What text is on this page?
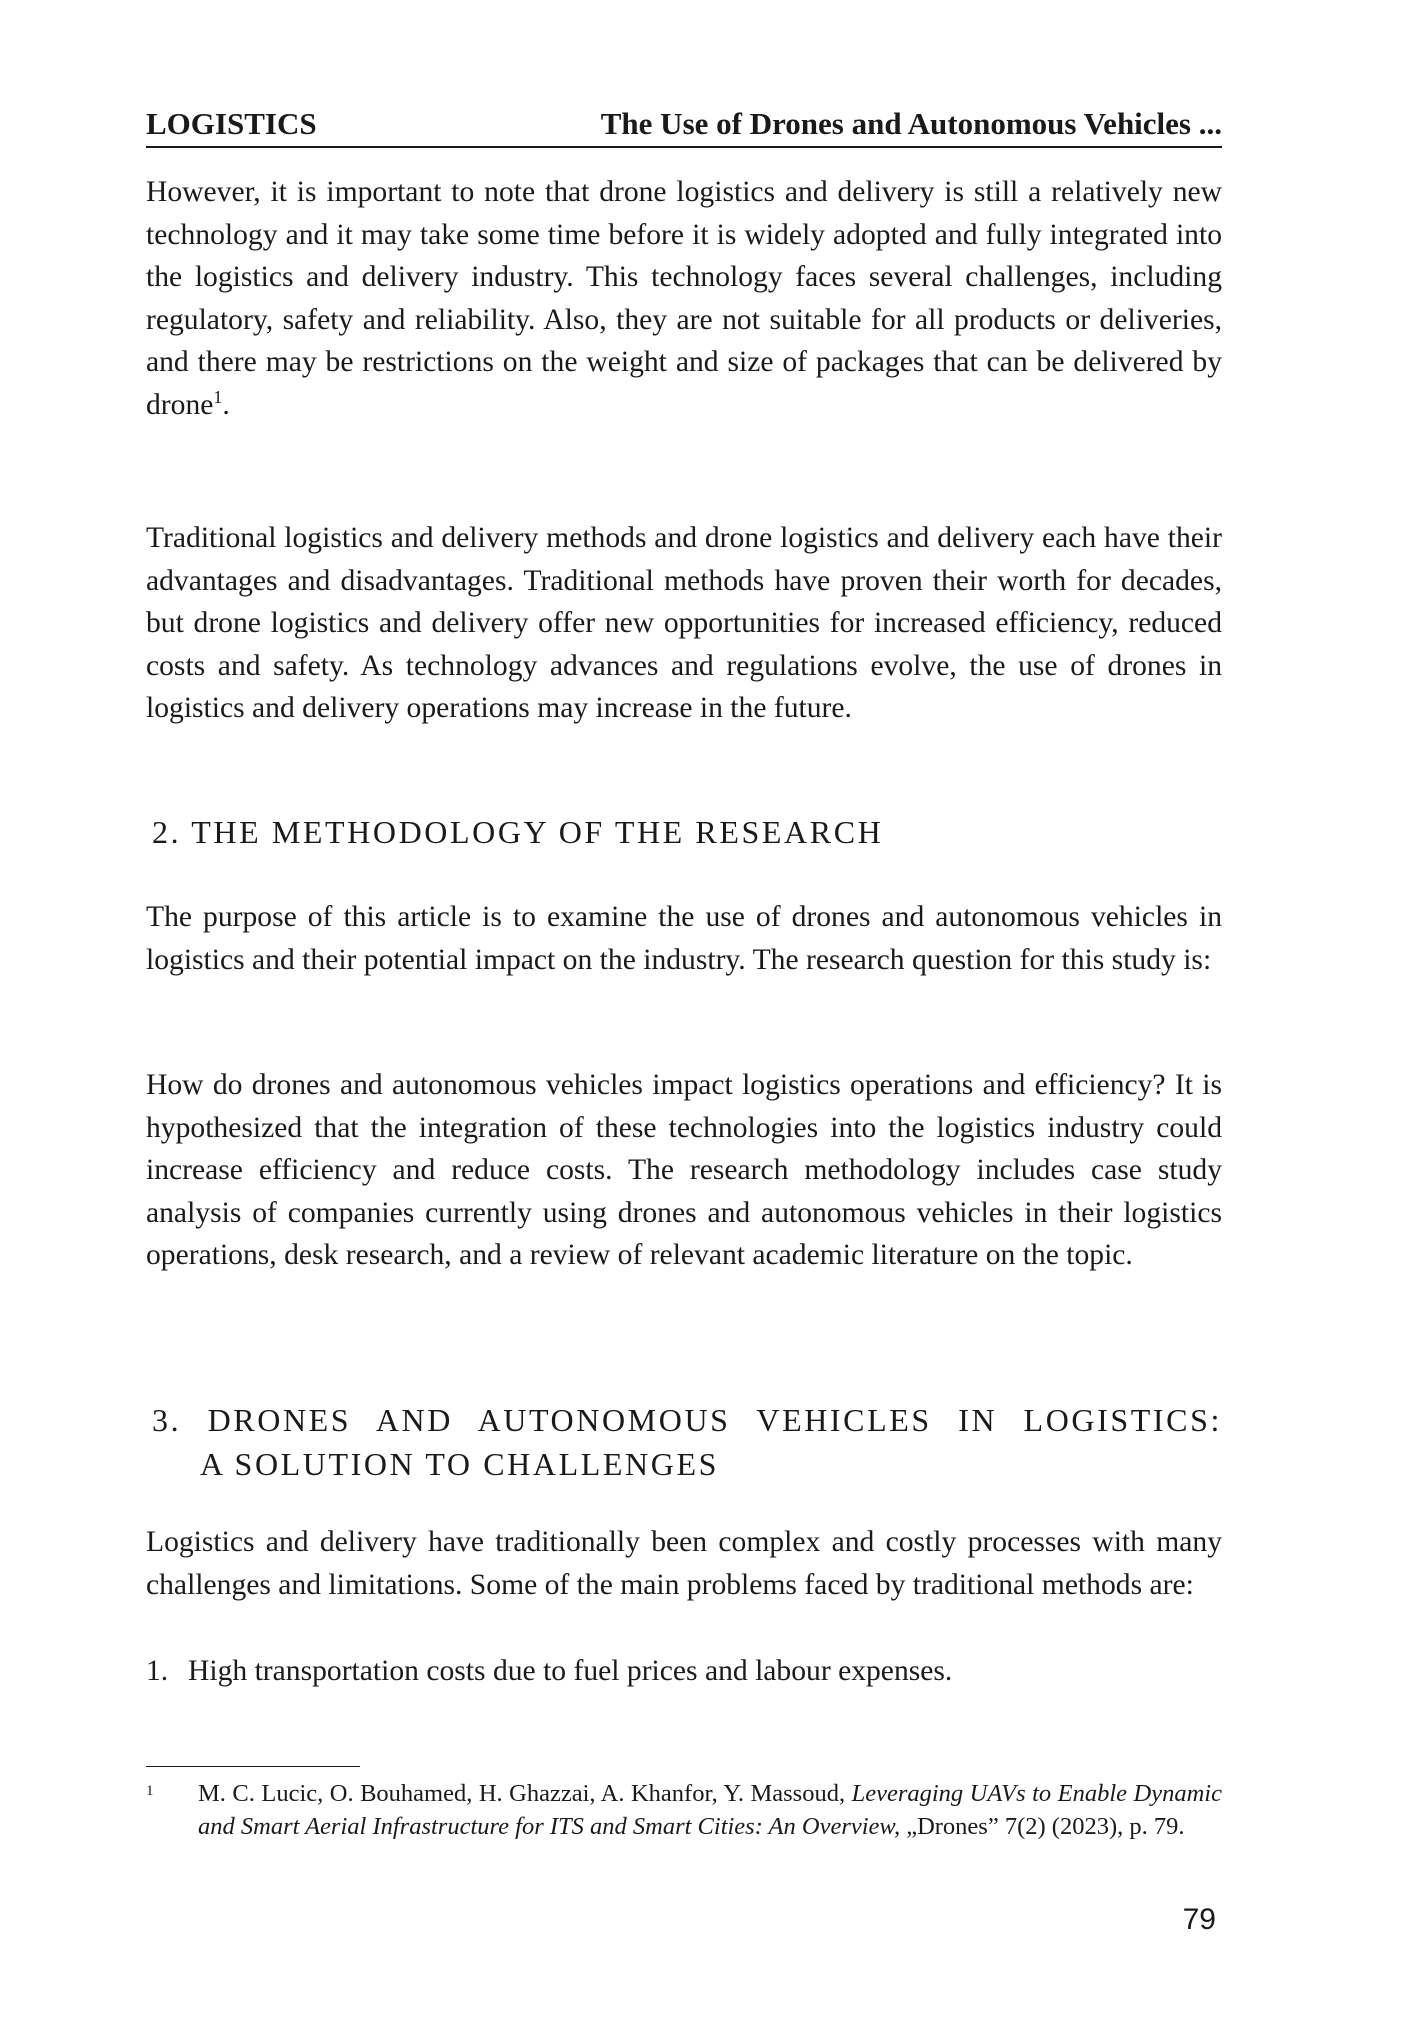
LOGISTICS	The Use of Drones and Autonomous Vehicles ...

However, it is important to note that drone logistics and delivery is still a relatively new technology and it may take some time before it is widely adopted and fully integrated into the logistics and delivery industry. This technology faces several challenges, including regulatory, safety and reliability. Also, they are not suitable for all products or deliveries, and there may be restrictions on the weight and size of packages that can be delivered by drone$^1$.

Traditional logistics and delivery methods and drone logistics and delivery each have their advantages and disadvantages. Traditional methods have proven their worth for decades, but drone logistics and delivery offer new opportunities for increased efficiency, reduced costs and safety. As technology advances and regulations evolve, the use of drones in logistics and delivery operations may increase in the future.

2. THE METHODOLOGY OF THE RESEARCH

The purpose of this article is to examine the use of drones and autonomous vehicles in logistics and their potential impact on the industry. The research question for this study is:

How do drones and autonomous vehicles impact logistics operations and efficiency? It is hypothesized that the integration of these technologies into the logistics industry could increase efficiency and reduce costs. The research methodology includes case study analysis of companies currently using drones and autonomous vehicles in their logistics operations, desk research, and a review of relevant academic literature on the topic.

3. DRONES AND AUTONOMOUS VEHICLES IN LOGISTICS:
A SOLUTION TO CHALLENGES

Logistics and delivery have traditionally been complex and costly processes with many challenges and limitations. Some of the main problems faced by traditional methods are:

1. High transportation costs due to fuel prices and labour expenses.

1 M. C. Lucic, O. Bouhamed, H. Ghazzai, A. Khanfor, Y. Massoud, Leveraging UAVs to Enable Dynamic and Smart Aerial Infrastructure for ITS and Smart Cities: An Overview, „Drones” 7(2) (2023), p. 79.
79
